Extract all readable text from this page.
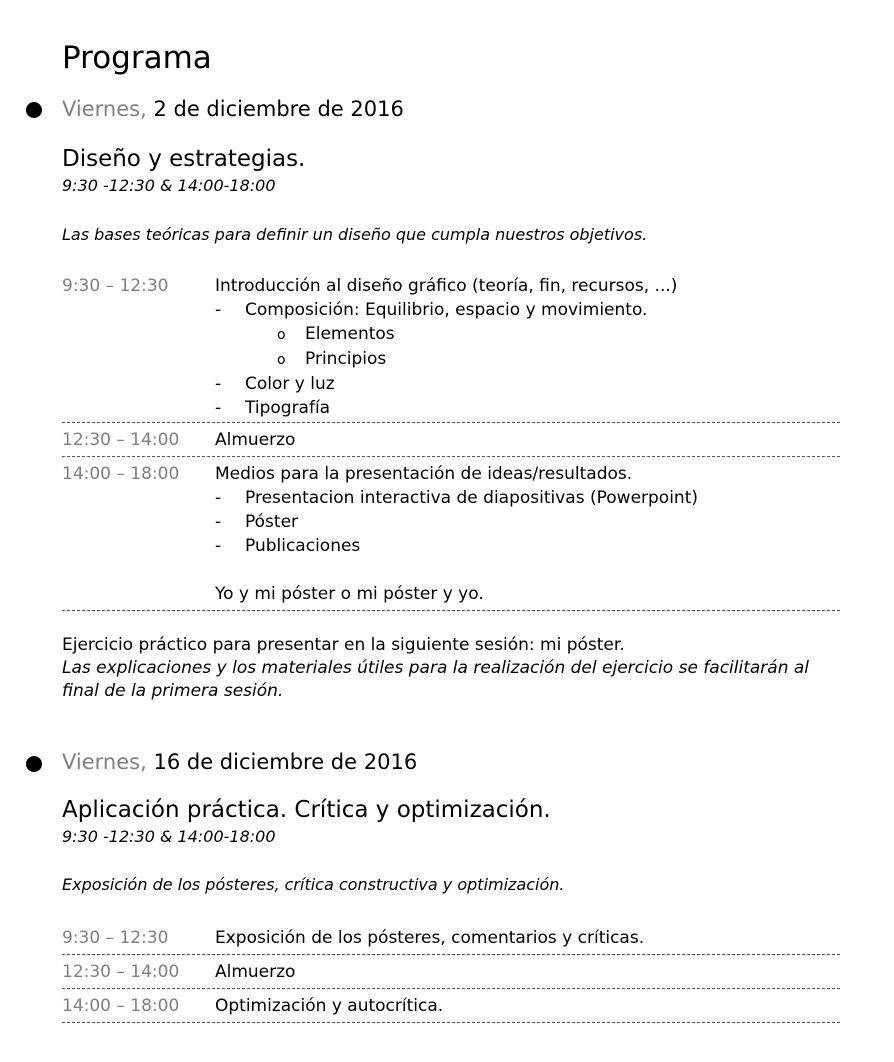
Programa
Viernes, 2 de diciembre de 2016
Diseño y estrategias.
9:30 -12:30 & 14:00-18:00
Las bases teóricas para definir un diseño que cumpla nuestros objetivos.
9:30 – 12:30	Introducción al diseño gráfico (teoría, fin, recursos, ...)
- Composición: Equilibrio, espacio y movimiento.
o Elementos
o Principios
- Color y luz
- Tipografía
12:30 – 14:00 Almuerzo
14:00 – 18:00 Medios para la presentación de ideas/resultados.
- Presentacion interactiva de diapositivas (Powerpoint)
- Póster
- Publicaciones
Yo y mi póster o mi póster y yo.
Ejercicio práctico para presentar en la siguiente sesión: mi póster.
Las explicaciones y los materiales útiles para la realización del ejercicio se facilitarán al final de la primera sesión.
Viernes, 16 de diciembre de 2016
Aplicación práctica. Crítica y optimización.
9:30 -12:30 & 14:00-18:00
Exposición de los pósteres, crítica constructiva y optimización.
9:30 – 12:30	Exposición de los pósteres, comentarios y críticas.
12:30 – 14:00 Almuerzo
14:00 – 18:00 Optimización y autocrítica.
